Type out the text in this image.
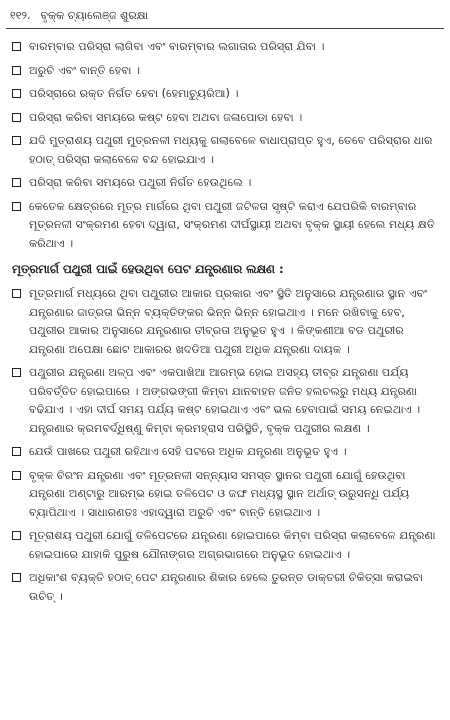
୧୧୨. ବୃକ୍କ ଚ୍ୟାଲେଞ୍ଜ ଶୁରକ୍ଷା
ବାରମ୍ବାର ପରିସ୍ରା ଲାଗିବା ଏବଂ ବାରମ୍ବାର ଲଗାତାର ପରିସ୍ରା ଯିବା ।
ଅରୁଚି ଏବଂ ବାନ୍ତି ହେବା ।
ପରିସ୍ରାରେ ରକ୍ତ ନିର୍ଗତ ହେବା (ହେମାଚ୍ୟୁରିଆ) ।
ପରିସ୍ରା କରିବା ସମୟରେ କଷ୍ଟ ହେବା ଅଥବା ଜଳାପୋଡା ହେବା ।
ଯଦି ମୁତ୍ରାଶୟ ପଥୁରୀ ମୁତ୍ରନଳୀ ମଧ୍ୟକୁ ଗଲାବେଳେ ବାଧାପ୍ରାପ୍ତ ହୁଏ, ତେବେ ପରିସ୍ରାର ଧାର ହଠାତ୍ ପରିସ୍ରା କଲାବେଳେ ବନ୍ଦ ହୋଇଯାଏ ।
ପରିସ୍ରା କରିବା ସମୟରେ ପଥୁରୀ ନିର୍ଗତ ହେଉଥିଲେ ।
କେତେକ କ୍ଷେତ୍ରରେ ମୂତ୍ର ମାର୍ଗରେ ଥିବା ପଥୁରୀ ଜଟିଳତା ସୃଷ୍ଟି କରାଏ ଯେପରିକି ବାରମ୍ବାର ମୂତ୍ରନଳୀ ସଂକ୍ରମଣ ହେବା ଦ୍ୱାରା, ସଂକ୍ରମଣ ଦୀର୍ଘସ୍ଥାୟୀ ଅଥବା ବୃକ୍କ ସ୍ଥାୟୀ ହେଲେ ମଧ୍ୟ କ୍ଷତି କରିଥାଏ ।
ମୂତ୍ରମାର୍ଗ ପଥୁରୀ ପାଇଁ ହେଉଥିବା ପେଟ ଯନ୍ତ୍ରଣାର ଲକ୍ଷଣ :
ମୂତ୍ରମାର୍ଗ ମଧ୍ୟରେ ଥିବା ପଥୁରୀର ଆକାର ପ୍ରକାର ଏବଂ ସ୍ଥିତି ଅନୁସାରେ ଯନ୍ତ୍ରଣାର ସ୍ଥାନ ଏବଂ ଯନ୍ତ୍ରଣାର ଜାତ୍ରତା ଭିନ୍ନ ବ୍ୟକ୍ତିଙ୍କର ଭିନ୍ନ ଭିନ୍ନ ହୋଇଥାଏ । ମନେ ରଖିବାକୁ ହେବ, ପଥୁରୀର ଆକାର ଅନୁସାରେ ଯନ୍ତ୍ରଣାର ତୀବ୍ରତା ଅନୁଭୂତ ହୁଏ । କିଙ୍କଣୀଆ ବଡ ପଥୁରୀର ଯନ୍ତ୍ରଣା ଅପେକ୍ଷା ଛୋଟ ଆକାରର ଖଦଡିଆ ପଥୁରୀ ଅଧିକ ଯନ୍ତ୍ରଣା ଦାୟକ ।
ପଥୁରୀର ଯନ୍ତ୍ରଣା ଅଳ୍ପ ଏବଂ ଏକପାଖିଆ ଆରମ୍ଭ ହୋଇ ଅସହ୍ୟ ତୀବ୍ର ଯନ୍ତ୍ରଣା ପର୍ଯ୍ୟ ପରିବର୍ତ୍ତିତ ହୋଇପାରେ । ଅଙ୍ଗଭଙ୍ଗୀ କିମ୍ବା ଯାନବାହନ ଜନିତ ହଲଚଲରୁ ମଧ୍ୟ ଯନ୍ତ୍ରଣା ବଢିଯାଏ । ଏହା ଦୀର୍ଘ ସମୟ ପର୍ଯ୍ୟ କଷ୍ଟ ହୋଇଥାଏ ଏବଂ ଭଲ ହେବାପାଇଁ ସମୟ ନେଇଥାଏ । ଯନ୍ତ୍ରଣାର କ୍ରମବର୍ଦ୍ଧିଷ୍ଣୁ କିମ୍ବା କ୍ରମହ୍ରାସ ପରିସ୍ଥିତି, ବୃକ୍କ ପଥୁରୀର ଲକ୍ଷଣ ।
ଯେଉଁ ପାଖରେ ପଥୁରୀ ରହିଥାଏ ସେହି ପଟରେ ଅଧିକ ଯନ୍ତ୍ରଣା ଅନୁଭୂତ ହୁଏ ।
ବୃକ୍କ ଚିରଂନ ଯନ୍ତ୍ରଣା ଏବଂ ମୂତ୍ରନଳୀ ସନ୍ନ୍ୟାସ ସମସ୍ତ ସ୍ଥାନର ପଥୁରୀ ଯୋଗୁଁ ହେଉଥିବା ଯନ୍ତ୍ରଣା ଅଣ୍ଟାରୁ ଆରମ୍ଭ ହୋଇ ତଳିପେଟ ଓ ଜଙ୍ଘ ମଧ୍ୟସ୍ଥ ସ୍ଥାନ ଅର୍ଥାତ୍ ଉରୁସନ୍ଧି ପର୍ଯ୍ୟ ବ୍ୟାପିଥାଏ । ସାଧାରଣତଃ ଏହାଦ୍ୱାରା ଅରୁଚି ଏବଂ ବାନ୍ତି ହୋଇଥାଏ ।
ମୂତ୍ରାଶୟ ପଥୁରୀ ଯୋଗୁଁ ତଳିପେଟରେ ଯନ୍ତ୍ରଣା ହୋଇପାରେ କିମ୍ବା ପରିସ୍ରା କଲାବେଳେ ଯନ୍ତ୍ରଣା ହୋଇପାରେ ଯାହାକି ପୁରୁଷ ଯୌନାଙ୍ଗର ଅଗ୍ରଭାଗରେ ଅନୁଭୂତ ହୋଇଥାଏ ।
ଅଧିକାଂଶ ବ୍ୟକ୍ତି ହଠାତ୍ ପେଟ ଯନ୍ତ୍ରଣାର ଶିକାର ହେଲେ ତୁରନ୍ତ ଡାକ୍ତରୀ ଚିକିତ୍ସା କରାଇବା ଉଚିତ୍ ।
